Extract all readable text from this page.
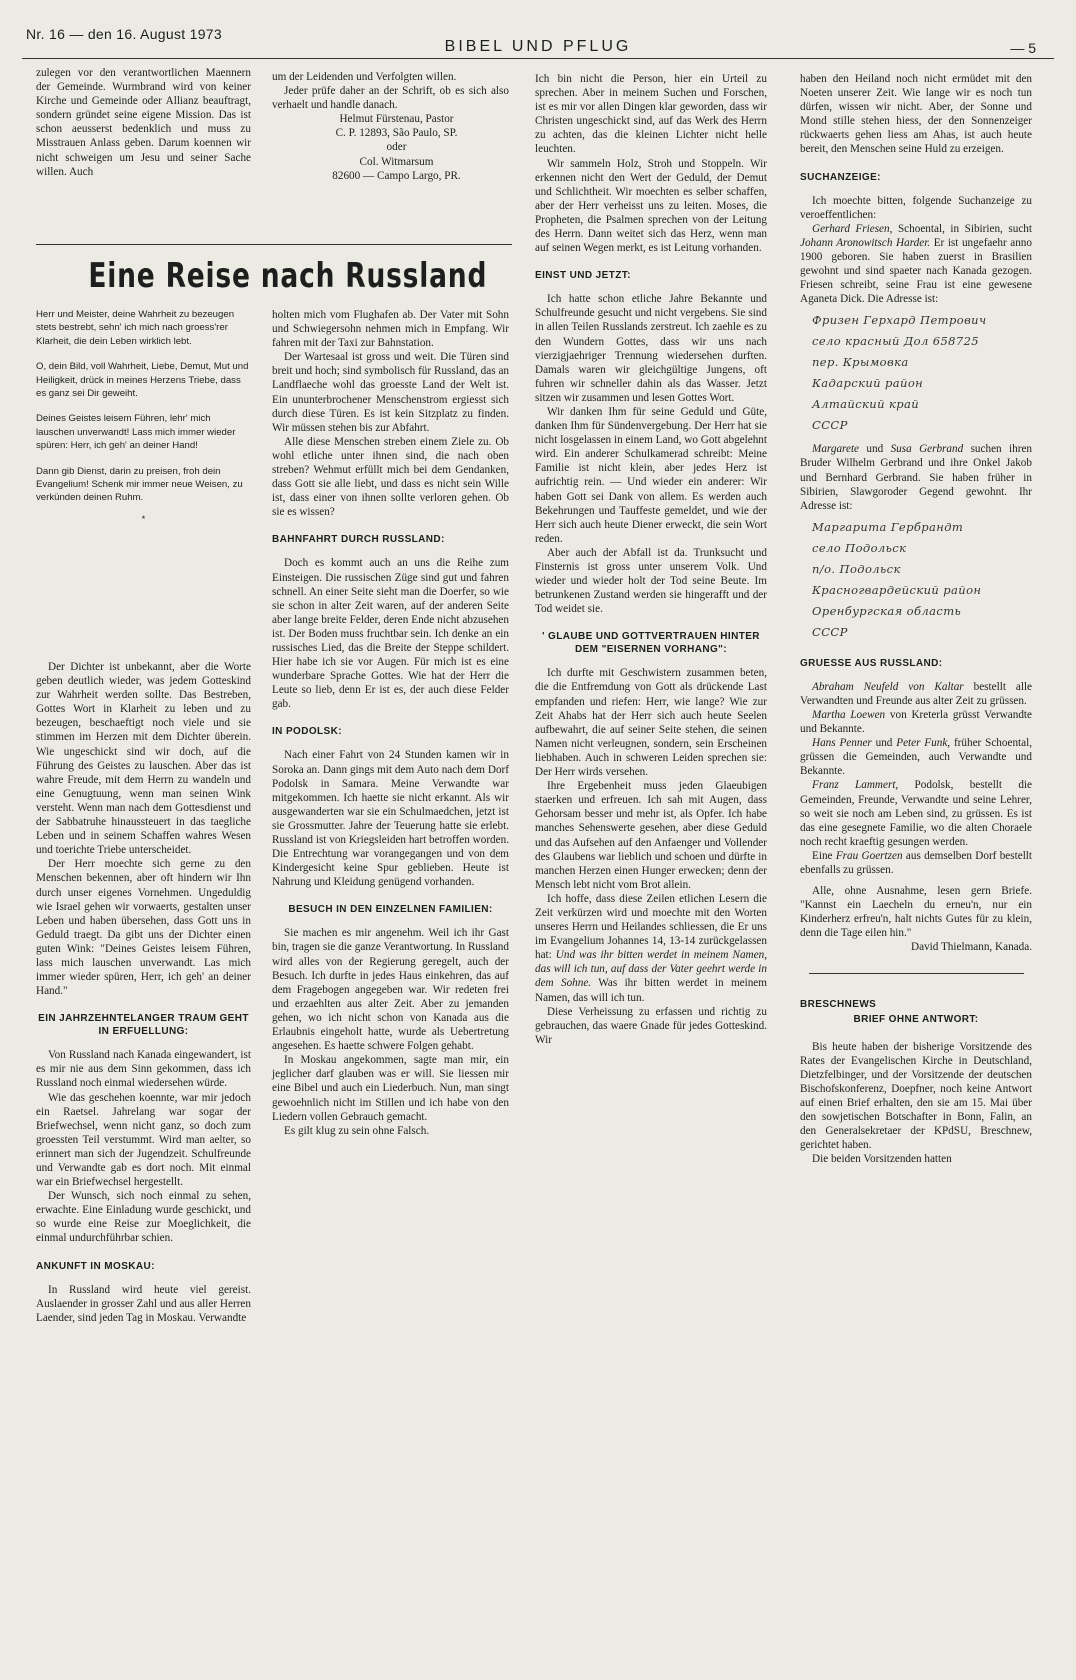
Nr. 16 — den 16. August 1973
BIBEL UND PFLUG	— 5

zulegen vor den verantwortlichen Maennern der Gemeinde. Wurmbrand wird von keiner Kirche und Gemeinde oder Allianz beauftragt, sondern gründet seine eigene Mission. Das ist schon aeusserst bedenklich und muss zu Misstrauen Anlass geben. Darum koennen wir nicht schweigen um Jesu und seiner Sache willen. Auch

um der Leidenden und Verfolgten willen.

Jeder prüfe daher an der Schrift, ob es sich also verhaelt und handle danach.

Helmut Fürstenau, Pastor

C. P. 12893, São Paulo, SP.

oder

Col. Witmarsum

82600 — Campo Largo, PR.

Eine Reise nach Russland
Herr und Meister, deine Wahrheit zu bezeugen stets bestrebt, sehn' ich mich nach groess'rer Klarheit, die dein Leben wirklich lebt.
O, dein Bild, voll Wahrheit, Liebe, Demut, Mut und Heiligkeit, drück in meines Herzens Triebe, dass es ganz sei Dir geweiht.
Deines Geistes leisem Führen, lehr' mich lauschen unverwandt! Lass mich immer wieder spüren: Herr, ich geh' an deiner Hand!
Dann gib Dienst, darin zu preisen, froh dein Evangelium! Schenk mir immer neue Weisen, zu verkünden deinen Ruhm.
*

Der Dichter ist unbekannt, aber die Worte geben deutlich wieder, was jedem Gotteskind zur Wahrheit werden sollte. Das Bestreben, Gottes Wort in Klarheit zu leben und zu bezeugen, beschaeftigt noch viele und sie stimmen im Herzen mit dem Dichter überein. Wie ungeschickt sind wir doch, auf die Führung des Geistes zu lauschen. Aber das ist wahre Freude, mit dem Herrn zu wandeln und eine Genugtuung, wenn man seinen Wink versteht. Wenn man nach dem Gottesdienst und der Sabbatruhe hinaussteuert in das taegliche Leben und in seinem Schaffen wahres Wesen und toerichte Triebe unterscheidet.

Der Herr moechte sich gerne zu den Menschen bekennen, aber oft hindern wir Ihn durch unser eigenes Vornehmen. Ungeduldig wie Israel gehen wir vorwaerts, gestalten unser Leben und haben übersehen, dass Gott uns in Geduld traegt. Da gibt uns der Dichter einen guten Wink: "Deines Geistes leisem Führen, lass mich lauschen unverwandt. Las mich immer wieder spüren, Herr, ich geh' an deiner Hand."

EIN JAHRZEHNTELANGER TRAUM GEHT IN ERFUELLUNG:

Von Russland nach Kanada eingewandert, ist es mir nie aus dem Sinn gekommen, dass ich Russland noch einmal wiedersehen würde.

Wie das geschehen koennte, war mir jedoch ein Raetsel. Jahrelang war sogar der Briefwechsel, wenn nicht ganz, so doch zum groessten Teil verstummt. Wird man aelter, so erinnert man sich der Jugendzeit. Schulfreunde und Verwandte gab es dort noch. Mit einmal war ein Briefwechsel hergestellt.

Der Wunsch, sich noch einmal zu sehen, erwachte. Eine Einladung wurde geschickt, und so wurde eine Reise zur Moeglichkeit, die einmal undurchführbar schien.

ANKUNFT IN MOSKAU:

In Russland wird heute viel gereist. Auslaender in grosser Zahl und aus aller Herren Laender, sind jeden Tag in Moskau. Verwandte

holten mich vom Flughafen ab. Der Vater mit Sohn und Schwiegersohn nehmen mich in Empfang. Wir fahren mit der Taxi zur Bahnstation.

Der Wartesaal ist gross und weit. Die Türen sind breit und hoch; sind symbolisch für Russland, das an Landflaeche wohl das groesste Land der Welt ist. Ein ununterbrochener Menschenstrom ergiesst sich durch diese Türen. Es ist kein Sitzplatz zu finden. Wir müssen stehen bis zur Abfahrt.

Alle diese Menschen streben einem Ziele zu. Ob wohl etliche unter ihnen sind, die nach oben streben? Wehmut erfüllt mich bei dem Gendanken, dass Gott sie alle liebt, und dass es nicht sein Wille ist, dass einer von ihnen sollte verloren gehen. Ob sie es wissen?

BAHNFAHRT DURCH RUSSLAND:

Doch es kommt auch an uns die Reihe zum Einsteigen. Die russischen Züge sind gut und fahren schnell. An einer Seite sieht man die Doerfer, so wie sie schon in alter Zeit waren, auf der anderen Seite aber lange breite Felder, deren Ende nicht abzusehen ist. Der Boden muss fruchtbar sein. Ich denke an ein russisches Lied, das die Breite der Steppe schildert. Hier habe ich sie vor Augen. Für mich ist es eine wunderbare Sprache Gottes. Wie hat der Herr die Leute so lieb, denn Er ist es, der auch diese Felder gab.

IN PODOLSK:

Nach einer Fahrt von 24 Stunden kamen wir in Soroka an. Dann gings mit dem Auto nach dem Dorf Podolsk in Samara. Meine Verwandte war mitgekommen. Ich haette sie nicht erkannt. Als wir ausgewanderten war sie ein Schulmaedchen, jetzt ist sie Grossmutter. Jahre der Teuerung hatte sie erlebt. Russland ist von Kriegsleiden hart betroffen worden. Die Entrechtung war vorangegangen und von dem Kindergesicht keine Spur geblieben. Heute ist Nahrung und Kleidung genügend vorhanden.

BESUCH IN DEN EINZELNEN FAMILIEN:

Sie machen es mir angenehm. Weil ich ihr Gast bin, tragen sie die ganze Verantwortung. In Russland wird alles von der Regierung geregelt, auch der Besuch. Ich durfte in jedes Haus einkehren, das auf dem Fragebogen angegeben war. Wir redeten frei und erzaehlten aus alter Zeit. Aber zu jemanden gehen, wo ich nicht schon von Kanada aus die Erlaubnis eingeholt hatte, wurde als Uebertretung angesehen. Es haette schwere Folgen gehabt.

In Moskau angekommen, sagte man mir, ein jeglicher darf glauben was er will. Sie liessen mir eine Bibel und auch ein Liederbuch. Nun, man singt gewoehnlich nicht im Stillen und ich habe von den Liedern vollen Gebrauch gemacht.

Es gilt klug zu sein ohne Falsch.

Ich bin nicht die Person, hier ein Urteil zu sprechen. Aber in meinem Suchen und Forschen, ist es mir vor allen Dingen klar geworden, dass wir Christen ungeschickt sind, auf das Werk des Herrn zu achten, das die kleinen Lichter nicht helle leuchten.

Wir sammeln Holz, Stroh und Stoppeln. Wir erkennen nicht den Wert der Geduld, der Demut und Schlichtheit. Wir moechten es selber schaffen, aber der Herr verheisst uns zu leiten. Moses, die Propheten, die Psalmen sprechen von der Leitung des Herrn. Dann weitet sich das Herz, wenn man auf seinen Wegen merkt, es ist Leitung vorhanden.

EINST UND JETZT:

Ich hatte schon etliche Jahre Bekannte und Schulfreunde gesucht und nicht vergebens. Sie sind in allen Teilen Russlands zerstreut. Ich zaehle es zu den Wundern Gottes, dass wir uns nach vierzigjaehriger Trennung wiedersehen durften. Damals waren wir gleichgültige Jungens, oft fuhren wir schneller dahin als das Wasser. Jetzt sitzen wir zusammen und lesen Gottes Wort.

Wir danken Ihm für seine Geduld und Güte, danken Ihm für Sündenvergebung. Der Herr hat sie nicht losgelassen in einem Land, wo Gott abgelehnt wird. Ein anderer Schulkamerad schreibt: Meine Familie ist nicht klein, aber jedes Herz ist aufrichtig rein. — Und wieder ein anderer: Wir haben Gott sei Dank von allem. Es werden auch Bekehrungen und Tauffeste gemeldet, und wie der Herr sich auch heute Diener erweckt, die sein Wort reden.

Aber auch der Abfall ist da. Trunksucht und Finsternis ist gross unter unserem Volk. Und wieder und wieder holt der Tod seine Beute. Im betrunkenen Zustand werden sie hingerafft und der Tod weidet sie.

' GLAUBE UND GOTTVERTRAUEN HINTER DEM "EISERNEN VORHANG":

Ich durfte mit Geschwistern zusammen beten, die die Entfremdung von Gott als drückende Last empfanden und riefen: Herr, wie lange? Wie zur Zeit Ahabs hat der Herr sich auch heute Seelen aufbewahrt, die auf seiner Seite stehen, die seinen Namen nicht verleugnen, sondern, sein Erscheinen liebhaben. Auch in schweren Leiden sprechen sie: Der Herr wirds versehen.

Ihre Ergebenheit muss jeden Glaeubigen staerken und erfreuen. Ich sah mit Augen, dass Gehorsam besser und mehr ist, als Opfer. Ich habe manches Sehenswerte gesehen, aber diese Geduld und das Aufsehen auf den Anfaenger und Vollender des Glaubens war lieblich und schoen und dürfte in manchen Herzen einen Hunger erwecken; denn der Mensch lebt nicht vom Brot allein.

Ich hoffe, dass diese Zeilen etlichen Lesern die Zeit verkürzen wird und moechte mit den Worten unseres Herrn und Heilandes schliessen, die Er uns im Evangelium Johannes 14, 13-14 zurückgelassen hat: Und was ihr bitten werdet in meinem Namen, das will ich tun, auf dass der Vater geehrt werde in dem Sohne. Was ihr bitten werdet in meinem Namen, das will ich tun.

Diese Verheissung zu erfassen und richtig zu gebrauchen, das waere Gnade für jedes Gotteskind. Wir

haben den Heiland noch nicht ermüdet mit den Noeten unserer Zeit. Wie lange wir es noch tun dürfen, wissen wir nicht. Aber, der Sonne und Mond stille stehen hiess, der den Sonnenzeiger rückwaerts gehen liess am Ahas, ist auch heute bereit, den Menschen seine Huld zu erzeigen.

SUCHANZEIGE:

Ich moechte bitten, folgende Suchanzeige zu veroeffentlichen:

Gerhard Friesen, Schoental, in Sibirien, sucht Johann Aronowitsch Harder. Er ist ungefaehr anno 1900 geboren. Sie haben zuerst in Brasilien gewohnt und sind spaeter nach Kanada gezogen. Friesen schreibt, seine Frau ist eine gewesene Aganeta Dick. Die Adresse ist:

Фризен Герхард Петрович
село красный Дол 658725
пер. Крымовка
Кадарский район
Алтайский край
СССР

Margarete und Susa Gerbrand suchen ihren Bruder Wilhelm Gerbrand und ihre Onkel Jakob und Bernhard Gerbrand. Sie haben früher in Sibirien, Slawgoroder Gegend gewohnt. Ihr Adresse ist:

Маргарита Гербрандт
село Подольск
п/о. Подольск
Красногвардейский район
Оренбургская область
СССР
GRUESSE AUS RUSSLAND:

Abraham Neufeld von Kaltar bestellt alle Verwandten und Freunde aus alter Zeit zu grüssen.

Martha Loewen von Kreterla grüsst Verwandte und Bekannte.

Hans Penner und Peter Funk, früher Schoental, grüssen die Gemeinden, auch Verwandte und Bekannte.

Franz Lammert, Podolsk, bestellt die Gemeinden, Freunde, Verwandte und seine Lehrer, so weit sie noch am Leben sind, zu grüssen. Es ist das eine gesegnete Familie, wo die alten Choraele noch recht kraeftig gesungen werden.

Eine Frau Goertzen aus demselben Dorf bestellt ebenfalls zu grüssen.

Alle, ohne Ausnahme, lesen gern Briefe. "Kannst ein Laecheln du erneu'n, nur ein Kinderherz erfreu'n, halt nichts Gutes für zu klein, denn die Tage eilen hin."

David Thielmann, Kanada.

BRESCHNEWS
BRIEF OHNE ANTWORT:

Bis heute haben der bisherige Vorsitzende des Rates der Evangelischen Kirche in Deutschland, Dietzfelbinger, und der Vorsitzende der deutschen Bischofskonferenz, Doepfner, noch keine Antwort auf einen Brief erhalten, den sie am 15. Mai über den sowjetischen Botschafter in Bonn, Falin, an den Generalsekretaer der KPdSU, Breschnew, gerichtet haben.

Die beiden Vorsitzenden hatten
